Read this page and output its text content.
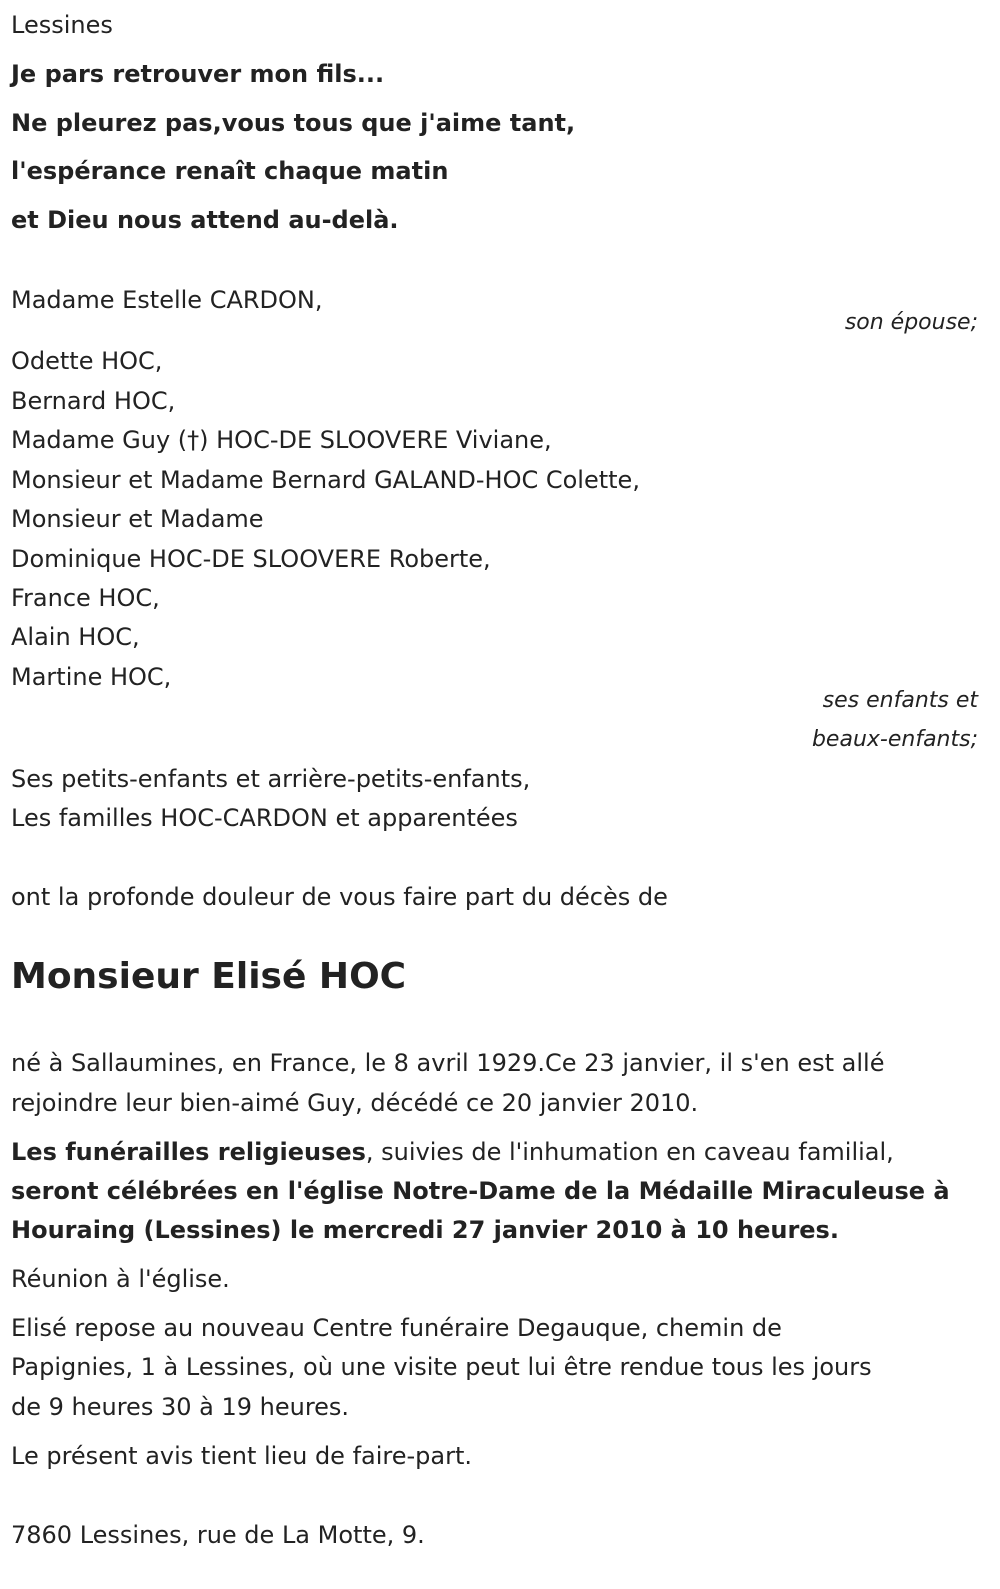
Lessines
Je pars retrouver mon fils...
Ne pleurez pas,vous tous que j'aime tant,
l'espérance renaît chaque matin
et Dieu nous attend au-delà.
Madame Estelle CARDON,
son épouse;
Odette HOC,
Bernard HOC,
Madame Guy (†) HOC-DE SLOOVERE Viviane,
Monsieur et Madame Bernard GALAND-HOC Colette,
Monsieur et Madame
Dominique HOC-DE SLOOVERE Roberte,
France HOC,
Alain HOC,
Martine HOC,
ses enfants et
beaux-enfants;
Ses petits-enfants et arrière-petits-enfants,
Les familles HOC-CARDON et apparentées
ont la profonde douleur de vous faire part du décès de
Monsieur Elisé HOC
né à Sallaumines, en France, le 8 avril 1929.Ce 23 janvier, il s'en est allé
rejoindre leur bien-aimé Guy, décédé ce 20 janvier 2010.
Les funérailles religieuses, suivies de l'inhumation en caveau familial,
seront célébrées en l'église Notre-Dame de la Médaille Miraculeuse à
Houraing (Lessines) le mercredi 27 janvier 2010 à 10 heures.
Réunion à l'église.
Elisé repose au nouveau Centre funéraire Degauque, chemin de
Papignies, 1 à Lessines, où une visite peut lui être rendue tous les jours
de 9 heures 30 à 19 heures.
Le présent avis tient lieu de faire-part.
7860 Lessines, rue de La Motte, 9.
